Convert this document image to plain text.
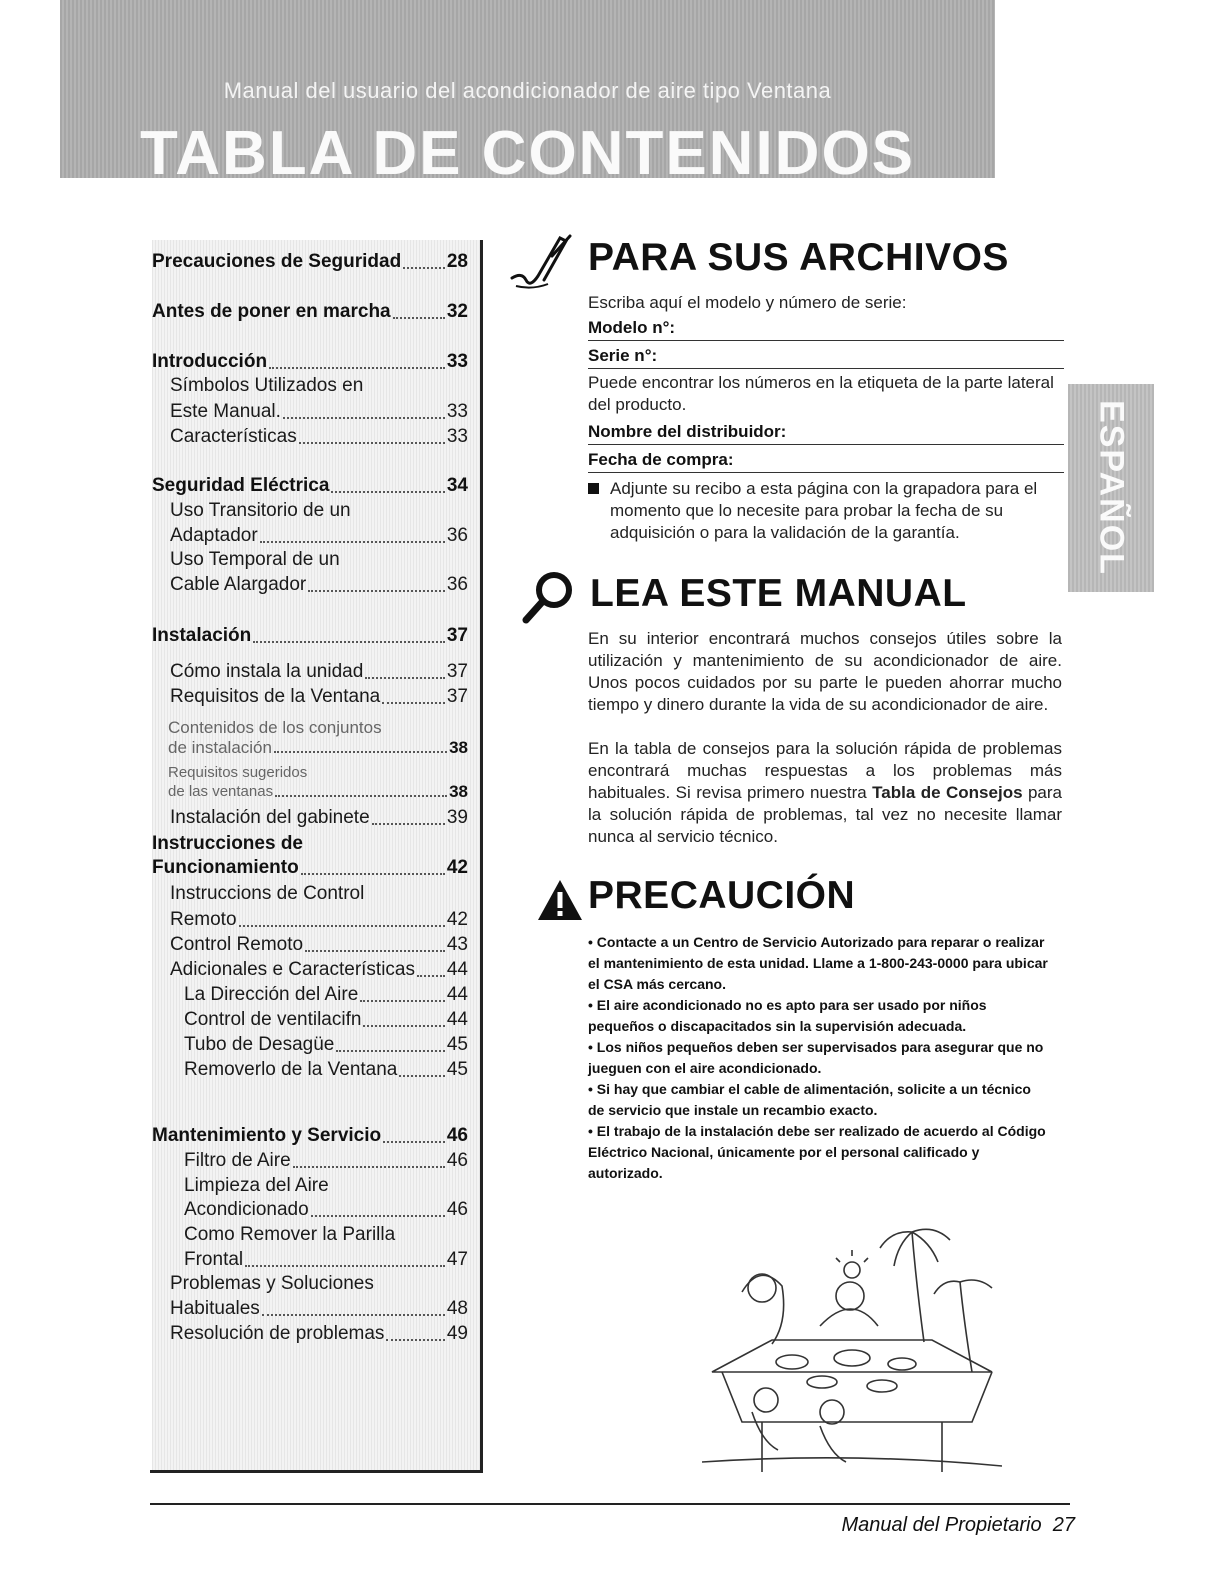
Manual del usuario del acondicionador de aire tipo Ventana
TABLA DE CONTENIDOS
Precauciones de Seguridad 28
Antes de poner en marcha	32
Introducción	33
Símbolos Utilizados en
Este Manual.	33
Características	33
Seguridad Eléctrica	34
Uso Transitorio de un
Adaptador	36
Uso Temporal de un
Cable Alargador	36
Instalación	37
Cómo instala la unidad	37
Requisitos de la Ventana	37
Contenidos de los conjuntos
de instalación	38
Requisitos sugeridos
de las ventanas	38
Instalación del gabinete	39
Instrucciones de
Funcionamiento	42
Instruccions de Control
Remoto	42
Control Remoto	43
Adicionales e Características 44
La Dirección del Aire	44
Control de ventilacifn	44
Tubo de Desagüe	45
Removerlo de la Ventana	45
Mantenimiento y Servicio	46
Filtro de Aire	46
Limpieza del Aire
Acondicionado	46
Como Remover la Parilla
Frontal	47
Problemas y Soluciones
Habituales	48
Resolución de problemas	49
PARA SUS ARCHIVOS
Escriba aquí el modelo y número de serie:
Modelo n°:
Serie n°:
Puede encontrar los números en la etiqueta de la parte lateral del producto.
Nombre del distribuidor:
Fecha de compra:
Adjunte su recibo a esta página con la grapadora para el momento que lo necesite para probar la fecha de su adquisición o para la validación de la garantía.
LEA ESTE MANUAL
En su interior encontrará muchos consejos útiles sobre la utilización y mantenimiento de su acondicionador de aire. Unos pocos cuidados por su parte le pueden ahorrar mucho tiempo y dinero durante la vida de su acondicionador de aire.
En la tabla de consejos para la solución rápida de problemas encontrará muchas respuestas a los problemas más habituales. Si revisa primero nuestra Tabla de Consejos para la solución rápida de problemas, tal vez no necesite llamar nunca al servicio técnico.
PRECAUCIÓN
• Contacte a un Centro de Servicio Autorizado para reparar o realizar el mantenimiento de esta unidad. Llame a 1-800-243-0000 para ubicar el CSA más cercano.
• El aire acondicionado no es apto para ser usado por niños pequeños o discapacitados sin la supervisión adecuada.
• Los niños pequeños deben ser supervisados para asegurar que no jueguen con el aire acondicionado.
• Si hay que cambiar el cable de alimentación, solicite a un técnico de servicio que instale un recambio exacto.
• El trabajo de la instalación debe ser realizado de acuerdo al Código Eléctrico Nacional, únicamente por el personal calificado y autorizado.
ESPAÑOL
Manual del Propietario 27
